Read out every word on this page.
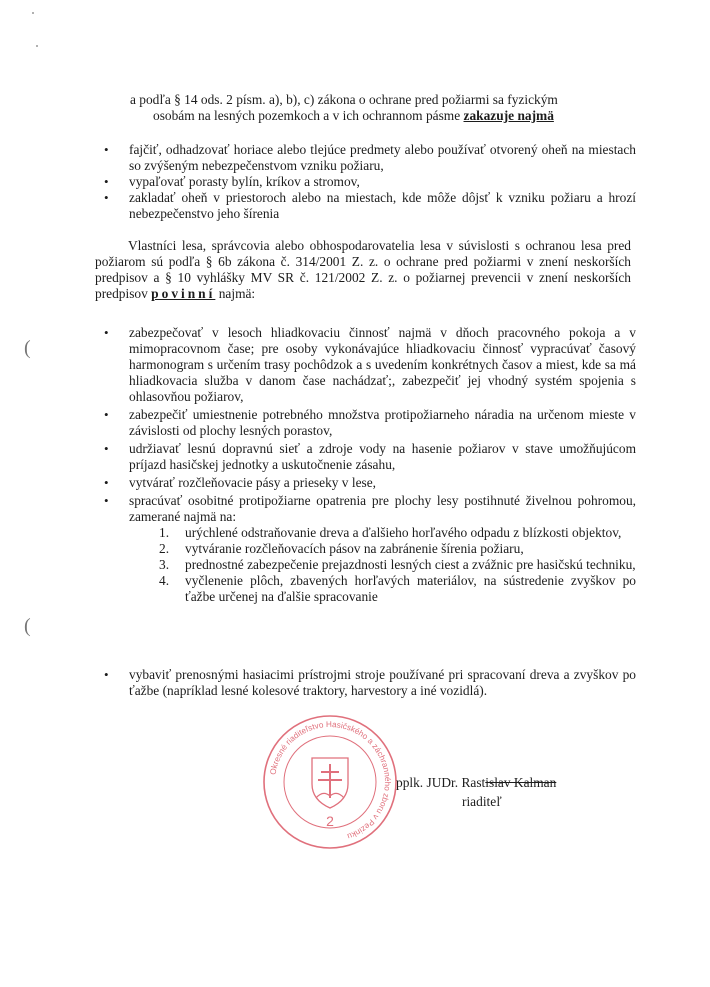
a podľa § 14 ods. 2 písm. a), b), c) zákona o ochrane pred požiarmi sa fyzickým
osobám na lesných pozemkoch a v ich ochrannom pásme zakazuje najmä
• fajčiť, odhadzovať horiace alebo tlejúce predmety alebo používať otvorený oheň na miestach so zvýšeným nebezpečenstvom vzniku požiaru,
• vypaľovať porasty bylín, kríkov a stromov,
• zakladať oheň v priestoroch alebo na miestach, kde môže dôjsť k vzniku požiaru a hrozí nebezpečenstvo jeho šírenia
Vlastníci lesa, správcovia alebo obhospodarovatelia lesa v súvislosti s ochranou lesa pred požiarom sú podľa § 6b zákona č. 314/2001 Z. z. o ochrane pred požiarmi v znení neskorších predpisov a § 10 vyhlášky MV SR č. 121/2002 Z. z. o požiarnej prevencii v znení neskorších predpisov povinní najmä:
(
(
• zabezpečovať v lesoch hliadkovaciu činnosť najmä v dňoch pracovného pokoja a v mimopracovnom čase; pre osoby vykonávajúce hliadkovaciu činnosť vypracúvať časový harmonogram s určením trasy pochôdzok a s uvedením konkrétnych časov a miest, kde sa má hliadkovacia služba v danom čase nachádzať;, zabezpečiť jej vhodný systém spojenia s ohlasovňou požiarov,
• zabezpečiť umiestnenie potrebného množstva protipožiarneho náradia na určenom mieste v závislosti od plochy lesných porastov,
• udržiavať lesnú dopravnú sieť a zdroje vody na hasenie požiarov v stave umožňujúcom príjazd hasičskej jednotky a uskutočnenie zásahu,
• vytvárať rozčleňovacie pásy a prieseky v lese,
• spracúvať osobitné protipožiarne opatrenia pre plochy lesy postihnuté živelnou pohromou, zamerané najmä na:
1. urýchlené odstraňovanie dreva a ďalšieho horľavého odpadu z blízkosti objektov,
2. vytváranie rozčleňovacích pásov na zabránenie šírenia požiaru,
3. prednostné zabezpečenie prejazdnosti lesných ciest a zvážnic pre hasičskú techniku,
4. vyčlenenie plôch, zbavených horľavých materiálov, na sústredenie zvyškov po ťažbe určenej na ďalšie spracovanie
• vybaviť prenosnými hasiacimi prístrojmi stroje používané pri spracovaní dreva a zvyškov po ťažbe (napríklad lesné kolesové traktory, harvestory a iné vozidlá).
Okresné riaditeľstvo Hasičského a záchranného zboru v Pezinku
2
pplk. JUDr. Rastislav Kalman
riaditeľ
